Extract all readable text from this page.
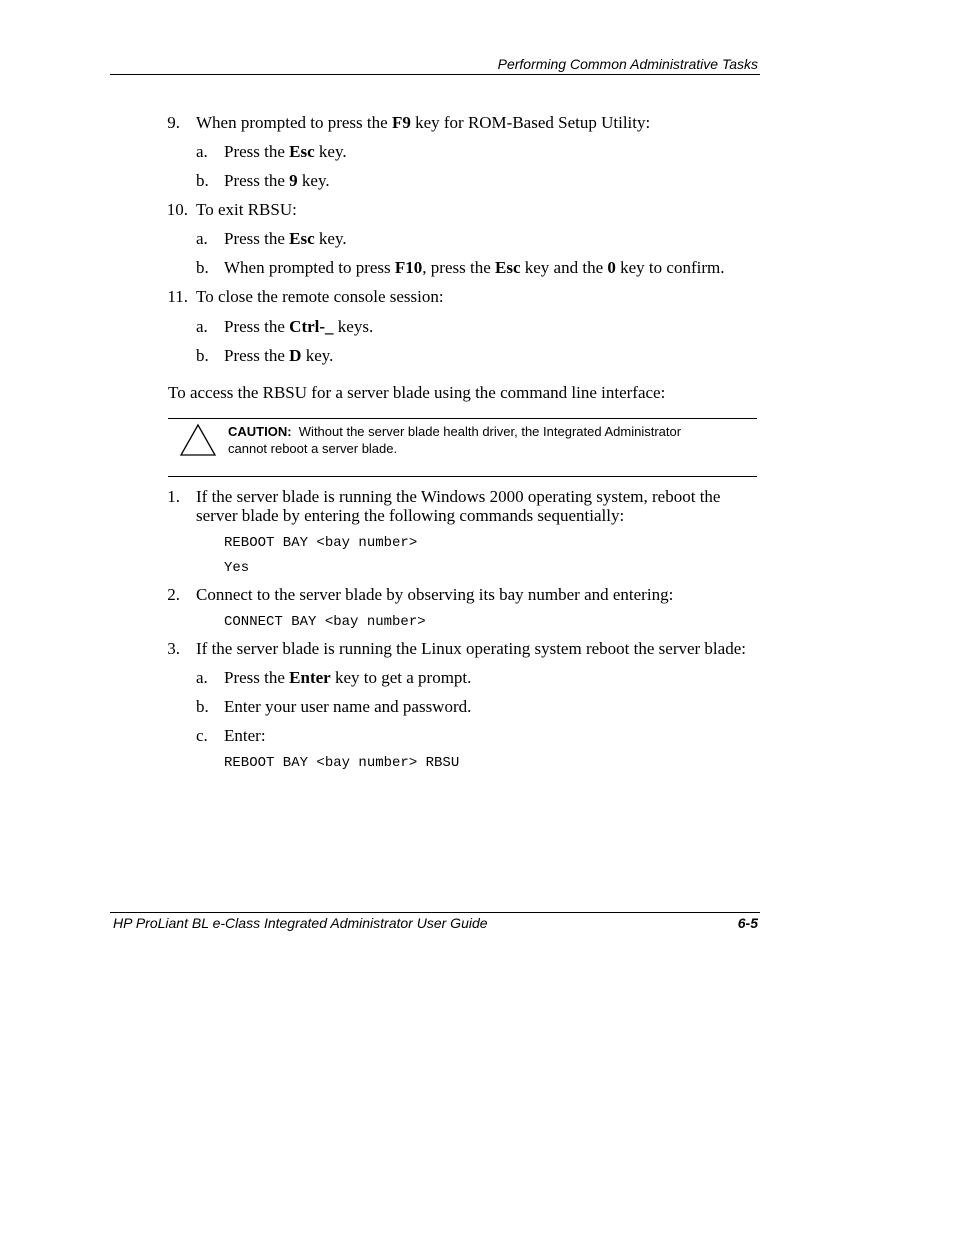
Performing Common Administrative Tasks
9. When prompted to press the F9 key for ROM-Based Setup Utility:
a. Press the Esc key.
b. Press the 9 key.
10. To exit RBSU:
a. Press the Esc key.
b. When prompted to press F10, press the Esc key and the 0 key to confirm.
11. To close the remote console session:
a. Press the Ctrl-_ keys.
b. Press the D key.
To access the RBSU for a server blade using the command line interface:
CAUTION: Without the server blade health driver, the Integrated Administrator
cannot reboot a server blade.
1. If the server blade is running the Windows 2000 operating system, reboot the
server blade by entering the following commands sequentially:
REBOOT BAY <bay number>
Yes
2. Connect to the server blade by observing its bay number and entering:
CONNECT BAY <bay number>
3. If the server blade is running the Linux operating system reboot the server blade:
a. Press the Enter key to get a prompt.
b. Enter your user name and password.
c. Enter:
REBOOT BAY <bay number> RBSU
HP ProLiant BL e-Class Integrated Administrator User Guide	6-5
